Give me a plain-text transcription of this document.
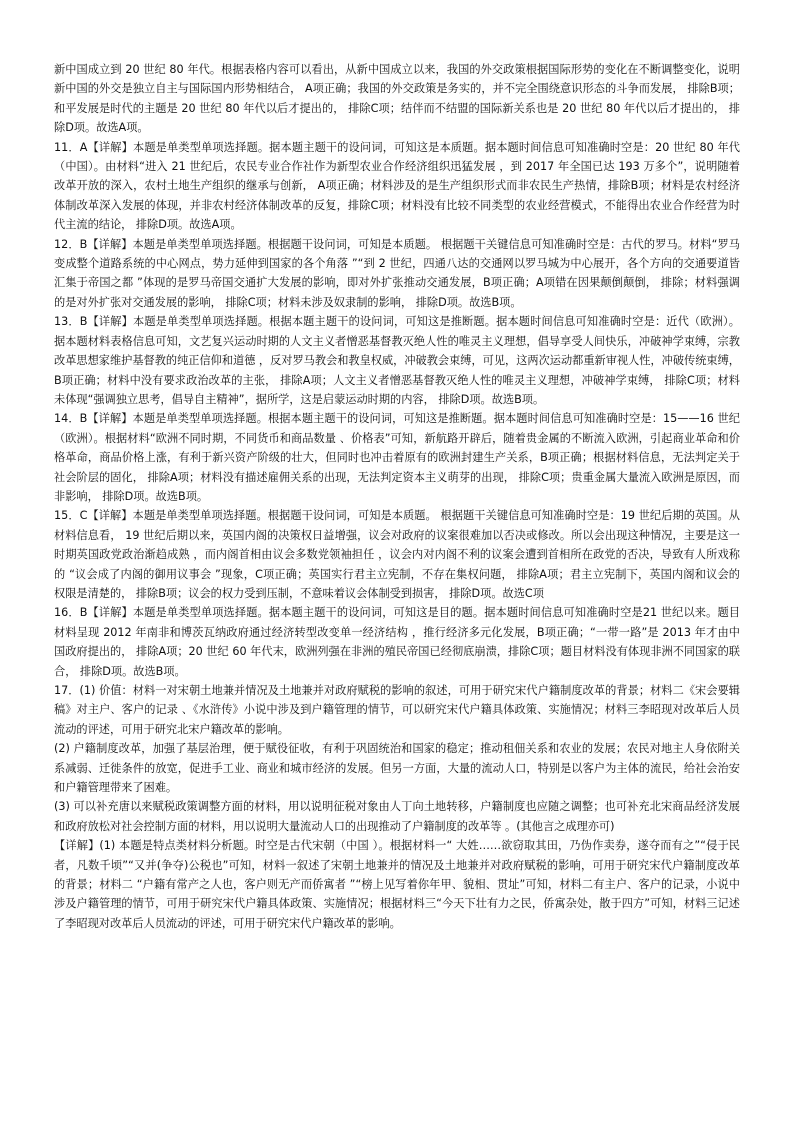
新中国成立到 20 世纪 80 年代。根据表格内容可以看出，从新中国成立以来，我国的外交政策根据国际形势的变化在不断调整变化，说明新中国的外交是独立自主与国际国内形势相结合， A项正确；我国的外交政策是务实的，并不完全围绕意识形态的斗争而发展， 排除B项；和平发展是时代的主题是 20 世纪 80 年代以后才提出的， 排除C项；结伴而不结盟的国际新关系也是 20 世纪 80 年代以后才提出的， 排除D项。故选A项。

11．A【详解】本题是单类型单项选择题。据本题主题干的设问词，可知这是本质题。据本题时间信息可知准确时空是：20 世纪 80 年代（中国）。由材料“进入 21 世纪后，农民专业合作社作为新型农业合作经济组织迅猛发展 ，到 2017 年全国已达 193 万多个”，说明随着改革开放的深入，农村土地生产组织的继承与创新， A项正确；材料涉及的是生产组织形式而非农民生产热情，排除B项；材料是农村经济体制改革深入发展的体现，并非农村经济体制改革的反复，排除C项；材料没有比较不同类型的农业经营模式，不能得出农业合作经营为时代主流的结论， 排除D项。故选A项。

12．B【详解】本题是单类型单项选择题。根据题干设问词，可知是本质题。 根据题干关键信息可知准确时空是：古代的罗马。材料“罗马变成整个道路系统的中心网点，势力延伸到国家的各个角落 ”“到 2 世纪，四通八达的交通网以罗马城为中心展开，各个方向的交通要道皆汇集于帝国之都 ”体现的是罗马帝国交通扩大发展的影响，即对外扩张推动交通发展，B项正确；A项错在因果颠倒颠倒， 排除；材料强调的是对外扩张对交通发展的影响， 排除C项；材料未涉及奴隶制的影响， 排除D项。故选B项。

13．B【详解】本题是单类型单项选择题。根据本题主题干的设问词，可知这是推断题。据本题时间信息可知准确时空是：近代（欧洲）。据本题材料表格信息可知，文艺复兴运动时期的人文主义者憎恶基督教灭绝人性的唯灵主义理想，倡导享受人间快乐，冲破神学束缚，宗教改革思想家维护基督教的纯正信仰和道德 ，反对罗马教会和教皇权威，冲破教会束缚，可见，这两次运动都重新审视人性，冲破传统束缚， B项正确；材料中没有要求政治改革的主张， 排除A项；人文主义者憎恶基督教灭绝人性的唯灵主义理想，冲破神学束缚， 排除C项；材料未体现“强调独立思考，倡导自主精神”，据所学，这是启蒙运动时期的内容， 排除D项。故选B项。

14．B【详解】本题是单类型单项选择题。根据本题主题干的设问词，可知这是推断题。据本题时间信息可知准确时空是：15——16 世纪（欧洲）。根据材料“欧洲不同时期，不同货币和商品数量 、价格表”可知，新航路开辟后，随着贵金属的不断流入欧洲，引起商业革命和价格革命，商品价格上涨，有利于新兴资产阶级的壮大，但同时也冲击着原有的欧洲封建生产关系，B项正确；根据材料信息，无法判定关于社会阶层的固化， 排除A项；材料没有描述雇佣关系的出现，无法判定资本主义萌芽的出现， 排除C项；贵重金属大量流入欧洲是原因，而非影响， 排除D项。故选B项。

15．C【详解】本题是单类型单项选择题。根据题干设问词，可知是本质题。 根据题干关键信息可知准确时空是：19 世纪后期的英国。从材料信息看， 19 世纪后期以来，英国内阁的决策权日益增强，议会对政府的议案很难加以否决或修改。所以会出现这种情况，主要是这一时期英国政党政治渐趋成熟 ，而内阁首相由议会多数党领袖担任 ，议会内对内阁不利的议案会遭到首相所在政党的否决，导致有人所戏称的 “议会成了内阁的御用议事会 ”现象，C项正确；英国实行君主立宪制，不存在集权问题， 排除A项；君主立宪制下，英国内阁和议会的权限是清楚的， 排除B项；议会的权力受到压制，不意味着议会体制受到损害， 排除D项。故选C项

16．B【详解】本题是单类型单项选择题。据本题主题干的设问词，可知这是目的题。据本题时间信息可知准确时空是21 世纪以来。题目材料呈现 2012 年南非和博茨瓦纳政府通过经济转型改变单一经济结构 ，推行经济多元化发展，B项正确；“一带一路”是 2013 年才由中国政府提出的， 排除A项；20 世纪 60 年代末，欧洲列强在非洲的殖民帝国已经彻底崩溃，排除C项；题目材料没有体现非洲不同国家的联合， 排除D项。故选B项。

17．(1) 价值：材料一对宋朝土地兼并情况及土地兼并对政府赋税的影响的叙述，可用于研究宋代户籍制度改革的背景；材料二《宋会要辑稿》对主户、客户的记录 、《水浒传》小说中涉及到户籍管理的情节，可以研究宋代户籍具体政策、实施情况；材料三李昭现对改革后人员流动的评述，可用于研究北宋户籍改革的影响。

(2) 户籍制度改革，加强了基层治理，便于赋役征收，有利于巩固统治和国家的稳定；推动租佃关系和农业的发展；农民对地主人身依附关系减弱、迁徙条件的放宽，促进手工业、商业和城市经济的发展。但另一方面，大量的流动人口，特别是以客户为主体的流民，给社会治安和户籍管理带来了困难。

(3) 可以补充唐以来赋税政策调整方面的材料，用以说明征税对象由人丁向土地转移，户籍制度也应随之调整；也可补充北宋商品经济发展和政府放松对社会控制方面的材料，用以说明大量流动人口的出现推动了户籍制度的改革等 。(其他言之成理亦可)

【详解】(1) 本题是特点类材料分析题。时空是古代宋朝（中国 ）。根据材料一“ 大姓……欲窃取其田，乃伪作卖券，遂夺而有之”“侵于民者，凡数千顷”“又并(争夺)公税也”可知，材料一叙述了宋朝土地兼并的情况及土地兼并对政府赋税的影响，可用于研究宋代户籍制度改革的背景；材料二 “户籍有常产之人也，客户则无产而侨寓者 ”“榜上见写着你年甲、貌相、贯址”可知，材料二有主户、客户的记录，小说中涉及户籍管理的情节，可用于研究宋代户籍具体政策、实施情况；根据材料三“今天下壮有力之民，侨寓杂处，散于四方”可知，材料三记述了李昭现对改革后人员流动的评述，可用于研究宋代户籍改革的影响。
